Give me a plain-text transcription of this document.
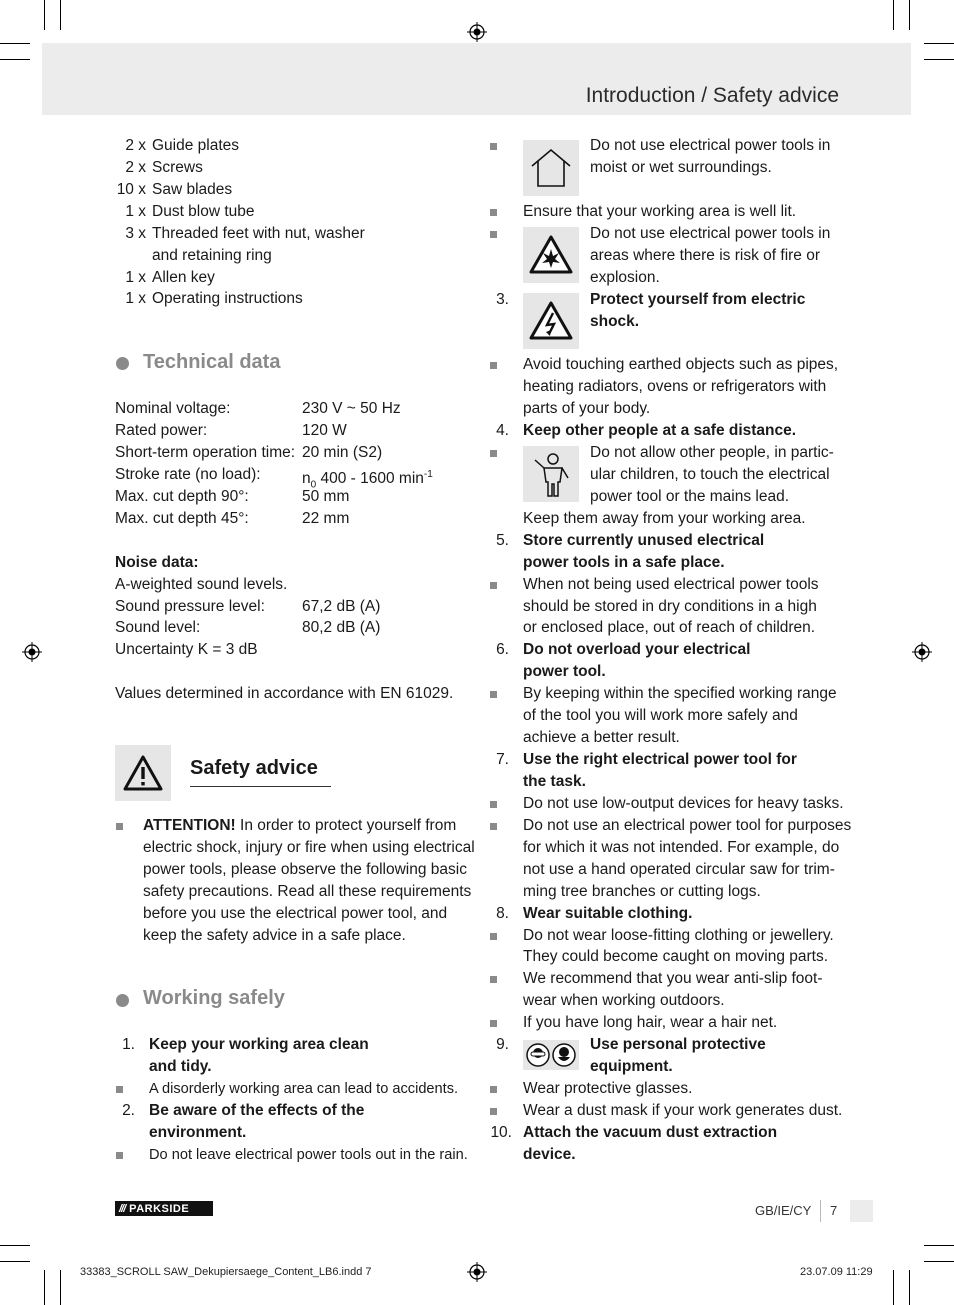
Introduction / Safety advice
2 x Guide plates
2 x Screws
10 x Saw blades
1 x Dust blow tube
3 x Threaded feet with nut, washer
and retaining ring
1 x Allen key
1 x Operating instructions
Technical data
Nominal voltage:	230 V ~ 50 Hz
Rated power:	120 W
Short-term operation time: 20 min (S2)
Stroke rate (no load):	$n_0$ 400 - 1600 $\min^{-1}$
Max. cut depth 90°:	50 mm
Max. cut depth 45°:	22 mm
Noise data:
A-weighted sound levels.
Sound pressure level: 67,2 dB (A)
Sound level:	80,2 dB (A)
Uncertainty K = 3 dB
Values determined in accordance with EN 61029.
Safety advice
ATTENTION! In order to protect yourself from
electric shock, injury or fire when using electrical
power tools, please observe the following basic
safety precautions. Read all these requirements
before you use the electrical power tool, and
keep the safety advice in a safe place.
Working safely
1. Keep your working area clean
and tidy.
A disorderly working area can lead to accidents.
2. Be aware of the effects of the
environment.
Do not leave electrical power tools out in the rain.
Do not use electrical power tools in
moist or wet surroundings.
Ensure that your working area is well lit.
Do not use electrical power tools in
areas where there is risk of fire or
explosion.
3.	Protect yourself from electric
shock.
Avoid touching earthed objects such as pipes,
heating radiators, ovens or refrigerators with
parts of your body.
4. Keep other people at a safe distance.
Do not allow other people, in partic-
ular children, to touch the electrical
power tool or the mains lead.
Keep them away from your working area.
5. Store currently unused electrical
power tools in a safe place.
When not being used electrical power tools
should be stored in dry conditions in a high
or enclosed place, out of reach of children.
6. Do not overload your electrical
power tool.
By keeping within the specified working range
of the tool you will work more safely and
achieve a better result.
7. Use the right electrical power tool for
the task.
Do not use low-output devices for heavy tasks.
Do not use an electrical power tool for purposes
for which it was not intended. For example, do
not use a hand operated circular saw for trim-
ming tree branches or cutting logs.
8. Wear suitable clothing.
Do not wear loose-fitting clothing or jewellery.
They could become caught on moving parts.
We recommend that you wear anti-slip foot-
wear when working outdoors.
If you have long hair, wear a hair net.
9.	Use personal protective
equipment.
Wear protective glasses.
Wear a dust mask if your work generates dust.
10. Attach the vacuum dust extraction
device.
/// PARKSIDE	GB/IE/CY 7
33383_SCROLL SAW_Dekupiersaege_Content_LB6.indd 7	23.07.09 11:29
